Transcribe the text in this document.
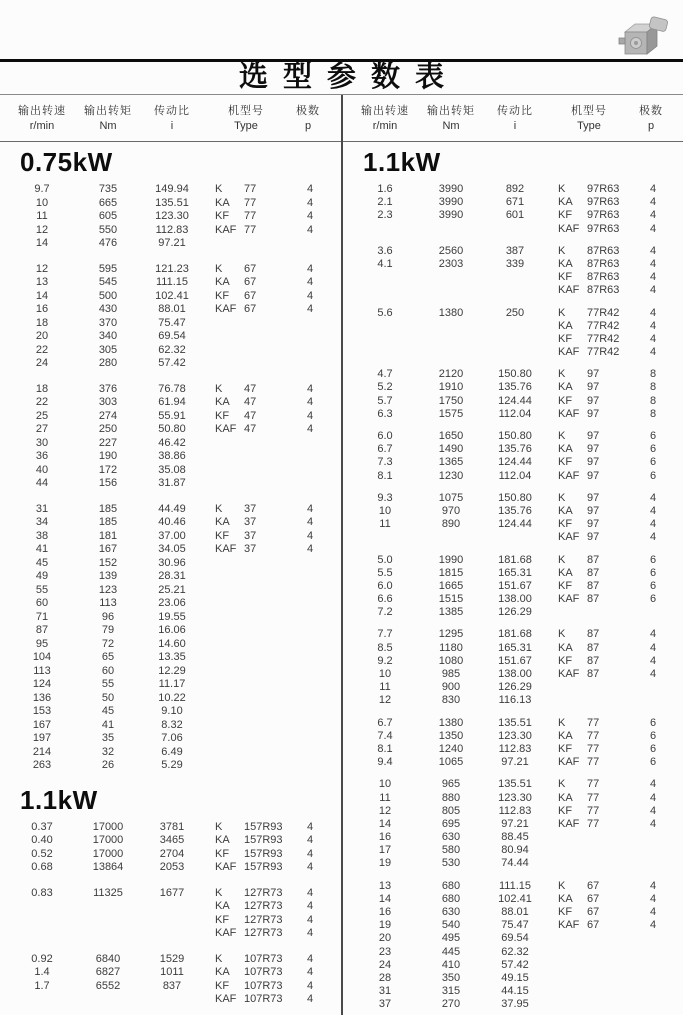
选型参数表
输出转速
r/min
输出转矩
Nm
传动比
i
机型号
Type
极数
p
0.75kW
9.7	735	149.94	K	77	4
10	665	135.51	KA	77	4
11	605	123.30	KF	77	4
12	550	112.83	KAF 77	4
14	476	97.21
12	595	121.23	K	67	4
13	545	111.15	KA	67	4
14	500	102.41	KF	67	4
16	430	88.01	KAF 67	4
18	370	75.47
20	340	69.54
22	305	62.32
24	280	57.42
18	376	76.78	K	47	4
22	303	61.94	KA	47	4
25	274	55.91	KF	47	4
27	250	50.80	KAF 47	4
30	227	46.42
36	190	38.86
40	172	35.08
44	156	31.87
31	185	44.49	K	37	4
34	185	40.46	KA	37	4
38	181	37.00	KF	37	4
41	167	34.05	KAF 37	4
45	152	30.96
49	139	28.31
55	123	25.21
60	113	23.06
71	96	19.55
87	79	16.06
95	72	14.60
104	65	13.35
113	60	12.29
124	55	11.17
136	50	10.22
153	45	9.10
167	41	8.32
197	35	7.06
214	32	6.49
263	26	5.29
1.1kW
0.37	17000	3781	K	157R93	4
0.40	17000	3465	KA	157R93	4
0.52	17000	2704	KF	157R93	4
0.68	13864	2053	KAF 157R93	4
0.83	11325	1677	K	127R73	4
KA	127R73	4
KF	127R73	4
KAF 127R73	4
0.92	6840	1529	K	107R73	4
1.4	6827	1011	KA	107R73	4
1.7	6552	837	KF	107R73	4
KAF 107R73	4
输出转速
r/min
输出转矩
Nm
传动比
i
机型号
Type
极数
p
1.1kW
1.6	3990	892	K	97R63	4
2.1	3990	671	KA	97R63	4
2.3	3990	601	KF	97R63	4
KAF 97R63	4
3.6	2560	387	K	87R63	4
4.1	2303	339	KA	87R63	4
KF	87R63	4
KAF 87R63	4
5.6	1380	250	K	77R42	4
KA	77R42	4
KF	77R42	4
KAF 77R42	4
4.7	2120	150.80	K	97	8
5.2	1910	135.76	KA	97	8
5.7	1750	124.44	KF	97	8
6.3	1575	112.04	KAF 97	8
6.0	1650	150.80	K	97	6
6.7	1490	135.76	KA	97	6
7.3	1365	124.44	KF	97	6
8.1	1230	112.04	KAF 97	6
9.3	1075	150.80	K	97	4
10	970	135.76	KA	97	4
11	890	124.44	KF	97	4
KAF 97	4
5.0	1990	181.68	K	87	6
5.5	1815	165.31	KA	87	6
6.0	1665	151.67	KF	87	6
6.6	1515	138.00	KAF 87	6
7.2	1385	126.29
7.7	1295	181.68	K	87	4
8.5	1180	165.31	KA	87	4
9.2	1080	151.67	KF	87	4
10	985	138.00	KAF 87	4
11	900	126.29
12	830	116.13
6.7	1380	135.51	K	77	6
7.4	1350	123.30	KA	77	6
8.1	1240	112.83	KF	77	6
9.4	1065	97.21	KAF 77	6
10	965	135.51	K	77	4
11	880	123.30	KA	77	4
12	805	112.83	KF	77	4
14	695	97.21	KAF 77	4
16	630	88.45
17	580	80.94
19	530	74.44
13	680	111.15	K	67	4
14	680	102.41	KA	67	4
16	630	88.01	KF	67	4
19	540	75.47	KAF 67	4
20	495	69.54
23	445	62.32
24	410	57.42
28	350	49.15
31	315	44.15
37	270	37.95
